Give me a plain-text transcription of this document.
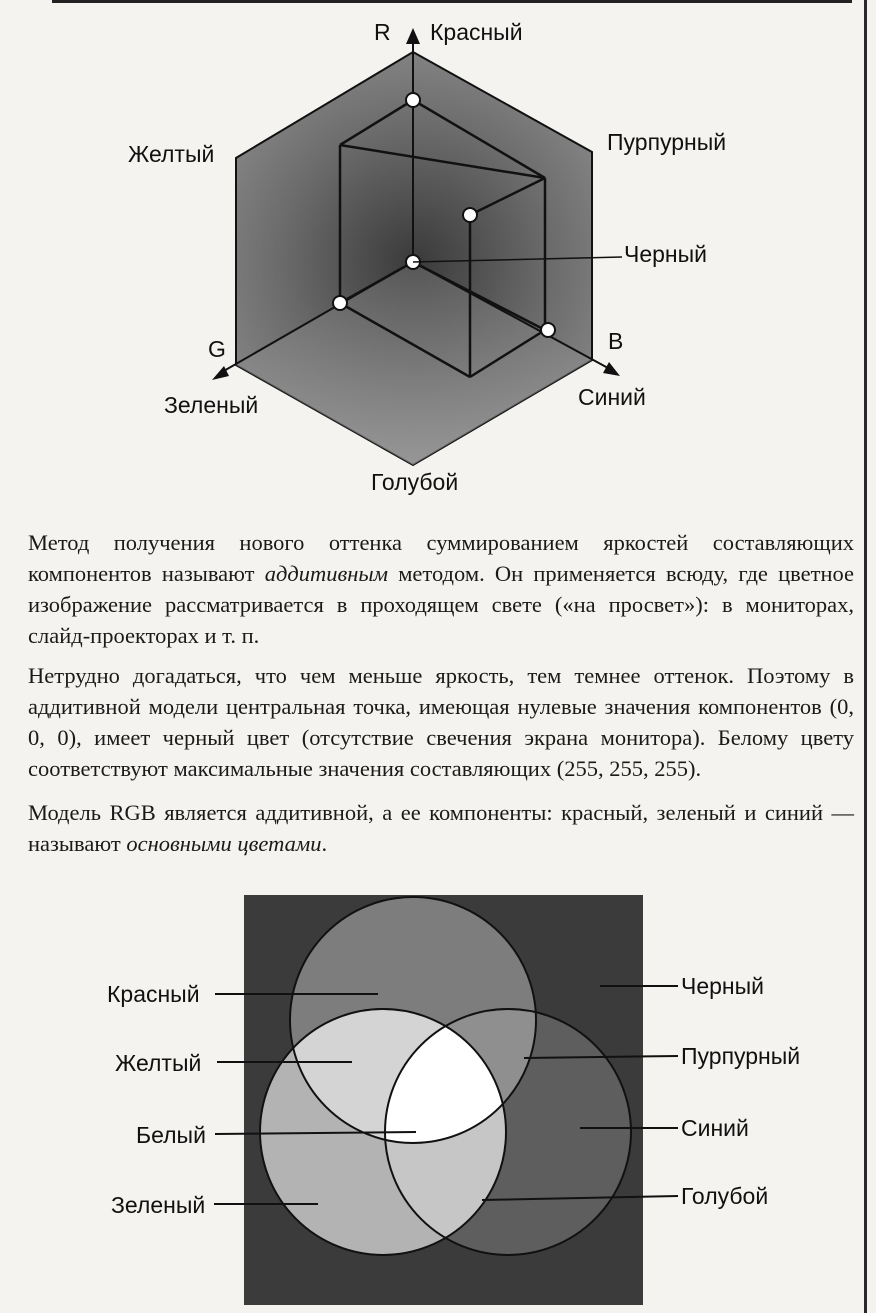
R Красный
Желтый	Пурпурный
Черный
G	B
Зеленый	Синий
Голубой

Метод получения нового оттенка суммированием яркостей составляющих компонентов называют аддитивным методом. Он применяется всюду, где цветное изображение рассматривается в проходящем свете («на просвет»): в мониторах, слайд-проекторах и т. п.

Нетрудно догадаться, что чем меньше яркость, тем темнее оттенок. Поэтому в аддитивной модели центральная точка, имеющая нулевые значения компонентов (0, 0, 0), имеет черный цвет (отсутствие свечения экрана монитора). Белому цвету соответствуют максимальные значения составляющих (255, 255, 255).

Модель RGB является аддитивной, а ее компоненты: красный, зеленый и синий — называют основными цветами.

Красный
Желтый
Белый
Зеленый
Черный
Пурпурный
Синий
Голубой
